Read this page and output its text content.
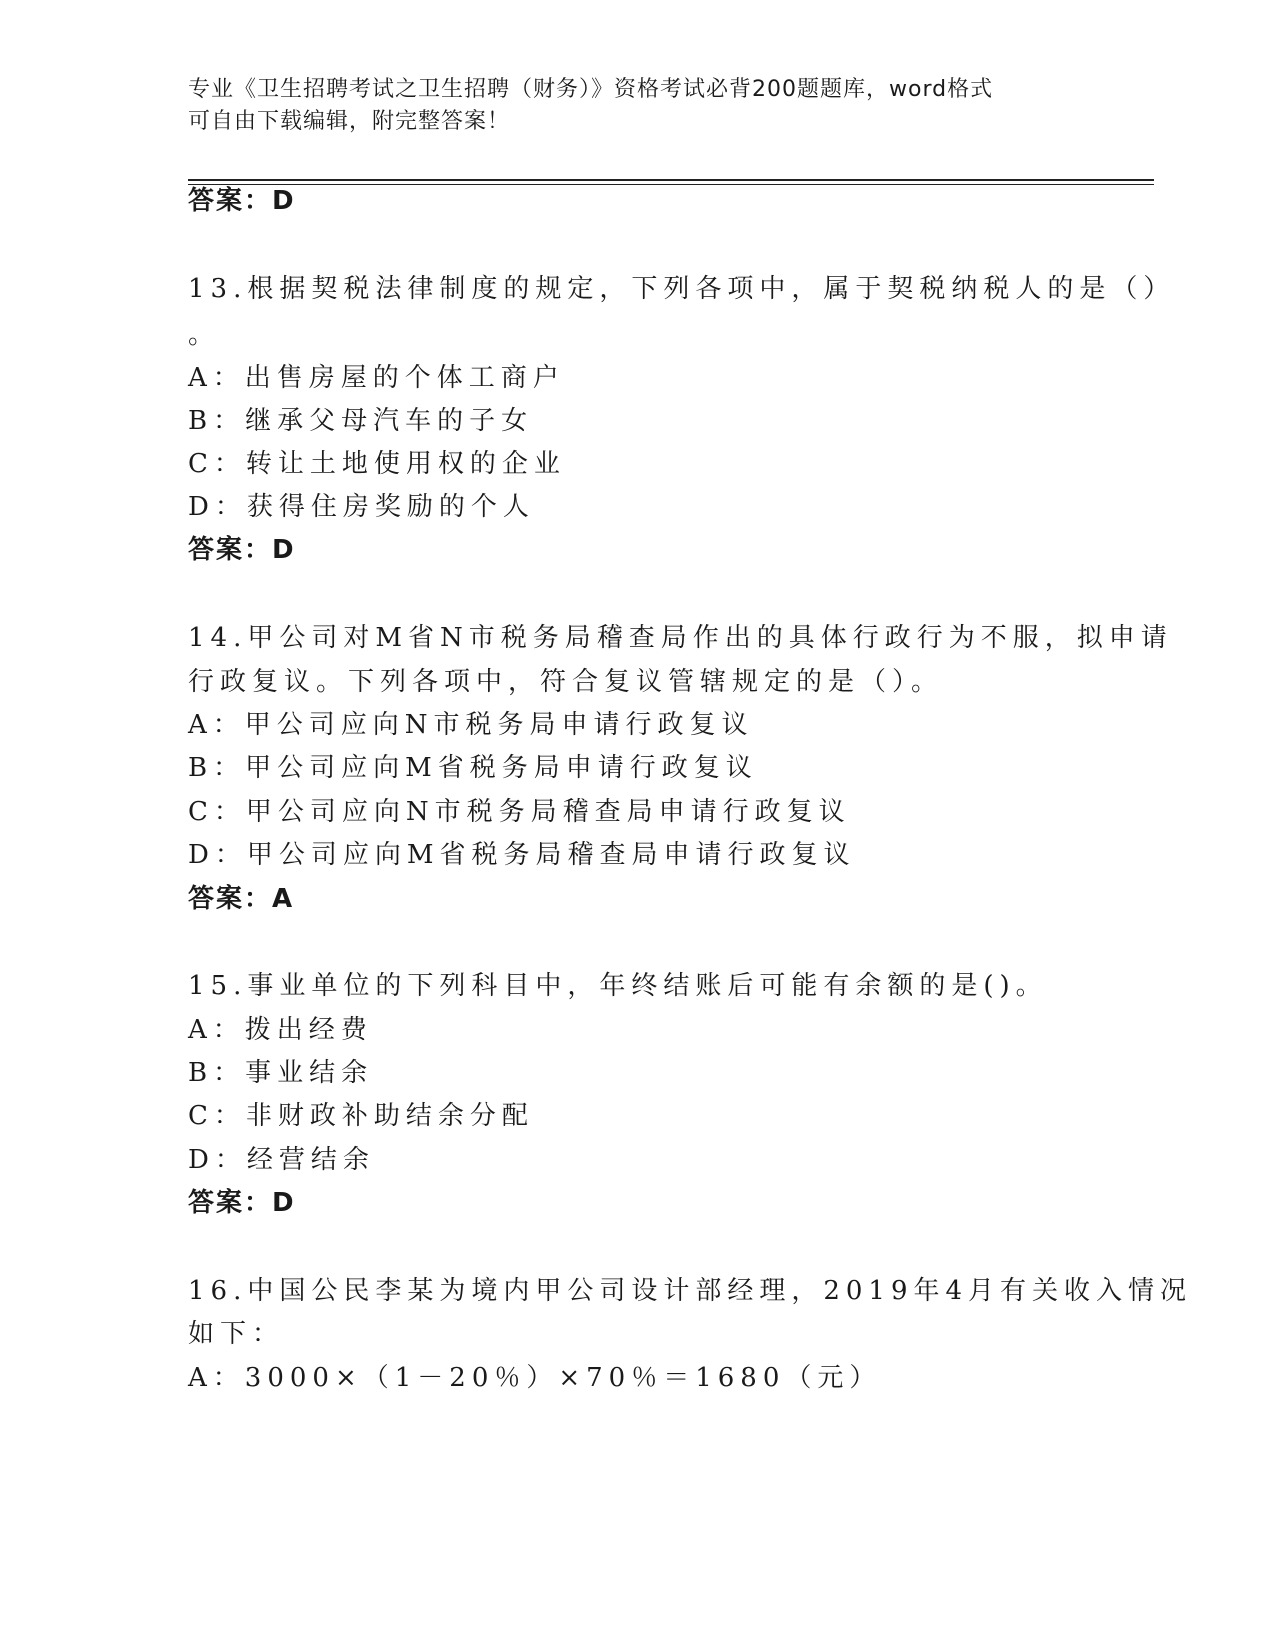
专业《卫生招聘考试之卫生招聘（财务）》资格考试必背200题题库，word格式
可自由下载编辑，附完整答案！
答案：D
13.根据契税法律制度的规定，下列各项中，属于契税纳税人的是（）
。
A：出售房屋的个体工商户
B：继承父母汽车的子女
C：转让土地使用权的企业
D：获得住房奖励的个人
答案：D
14.甲公司对M省N市税务局稽查局作出的具体行政行为不服，拟申请
行政复议。下列各项中，符合复议管辖规定的是（）。
A：甲公司应向N市税务局申请行政复议
B：甲公司应向M省税务局申请行政复议
C：甲公司应向N市税务局稽查局申请行政复议
D：甲公司应向M省税务局稽查局申请行政复议
答案：A
15.事业单位的下列科目中，年终结账后可能有余额的是()。
A：拨出经费
B：事业结余
C：非财政补助结余分配
D：经营结余
答案：D
16.中国公民李某为境内甲公司设计部经理，2019年4月有关收入情况
如下：
A：3000×（1－20％）×70％＝1680（元）
